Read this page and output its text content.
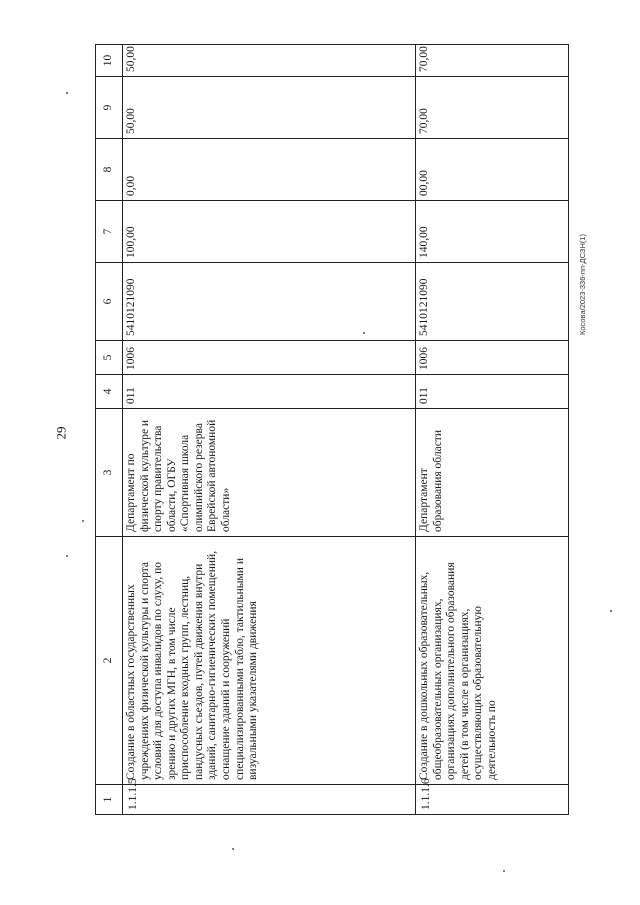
29
1	2	3	4	5	6	7	8	9	10
1.1.1.5	Создание в областных государственных учреждениях физической культуры и спорта условий для доступа инвалидов по слуху, по зрению и других МГН, в том числе приспособление входных групп, лестниц, пандусных съездов, путей движения внутри зданий, санитарно-гигиенических помещений, оснащение зданий и сооружений специализированными табло, тактильными и визуальными указателями движения	Департамент по физической культуре и спорту правительства области, ОГБУ «Спортивная школа олимпийского резерва Еврейской автономной области»	011	1006	5410121090	100,00	0,00	50,00	50,00
1.1.1.6	Создание в дошкольных образовательных, общеобразовательных организациях, организациях дополнительного образования детей (в том числе в организациях, осуществляющих образовательную деятельность по	Департамент образования области	011	1006	5410121090	140,00	00,00	70,00	70,00
Косова/2023-336-пп-ДСЗН(1)
